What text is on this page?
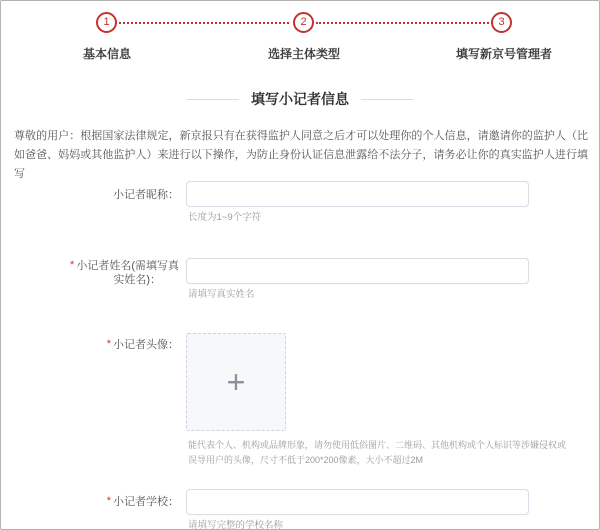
1	2	3
基本信息	选择主体类型	填写新京号管理者
填写小记者信息
尊敬的用户：根据国家法律规定，新京报只有在获得监护人同意之后才可以处理你的个人信息，请邀请你的监护人（比如爸爸、妈妈或其他监护人）来进行以下操作，为防止身份认证信息泄露给不法分子，请务必让你的真实监护人进行填写
小记者昵称：
长度为1~9个字符
* 小记者姓名(需填写真
实姓名)：
请填写真实姓名
* 小记者头像：
+
能代表个人、机构或品牌形象，请勿使用低俗图片、二维码、其他机构或个人标识等涉嫌侵权或误导用户的头像，尺寸不低于200*200像素，大小不超过2M
* 小记者学校：
请填写完整的学校名称
